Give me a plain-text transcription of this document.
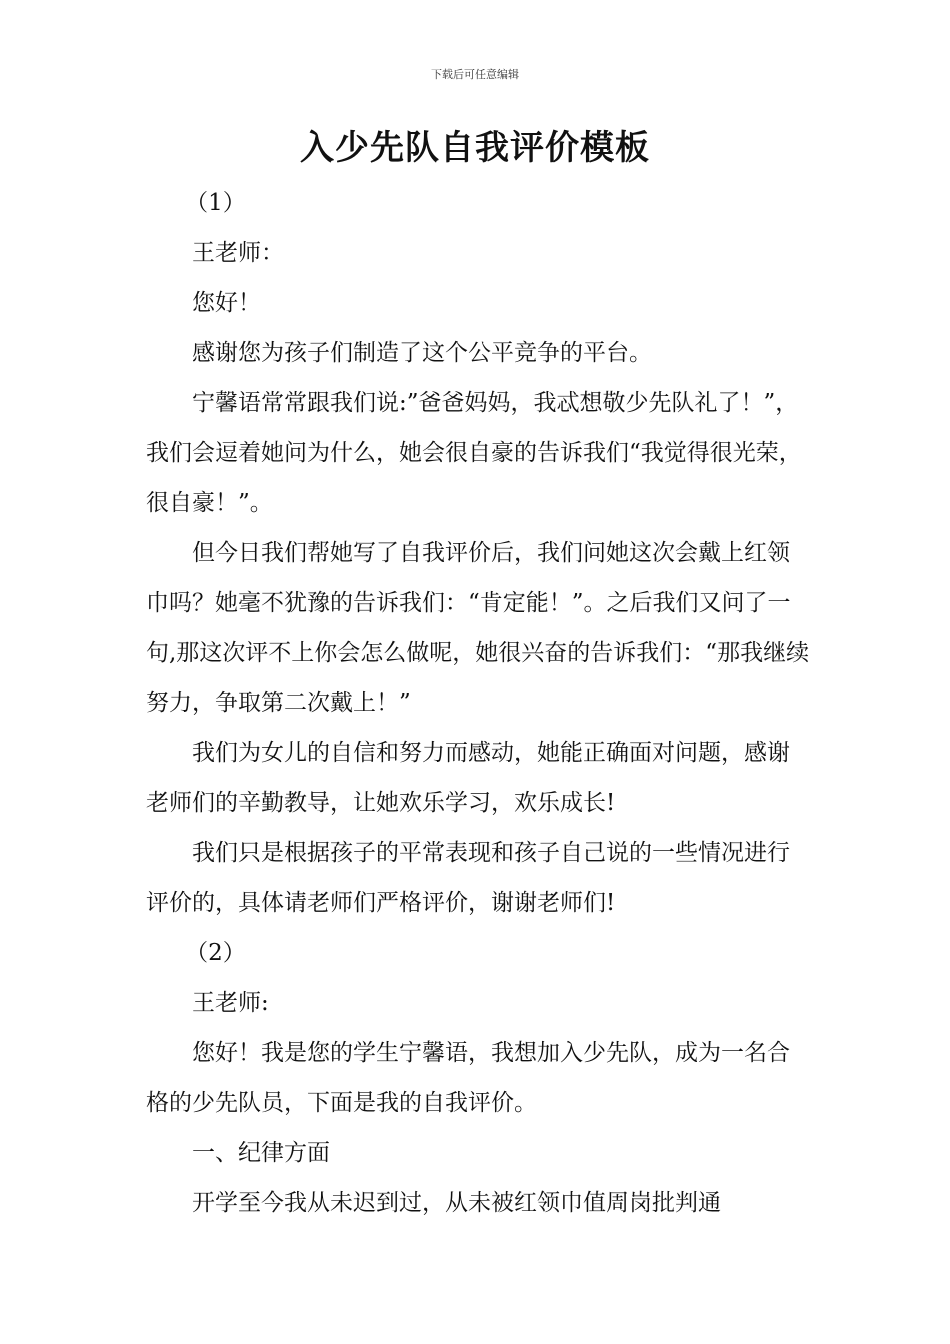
下载后可任意编辑
入少先队自我评价模板

（1）

王老师：

您好！

感谢您为孩子们制造了这个公平竞争的平台。

宁馨语常常跟我们说:”爸爸妈妈，我忒想敬少先队礼了！”，我们会逗着她问为什么，她会很自豪的告诉我们“我觉得很光荣，很自豪！”。

但今日我们帮她写了自我评价后，我们问她这次会戴上红领巾吗？她毫不犹豫的告诉我们：“肯定能！”。之后我们又问了一句,那这次评不上你会怎么做呢，她很兴奋的告诉我们：“那我继续努力，争取第二次戴上！”

我们为女儿的自信和努力而感动，她能正确面对问题，感谢老师们的辛勤教导，让她欢乐学习，欢乐成长!

我们只是根据孩子的平常表现和孩子自己说的一些情况进行评价的，具体请老师们严格评价，谢谢老师们!

（2）

王老师:

您好！我是您的学生宁馨语，我想加入少先队，成为一名合格的少先队员，下面是我的自我评价。

一、纪律方面

开学至今我从未迟到过，从未被红领巾值周岗批判通
